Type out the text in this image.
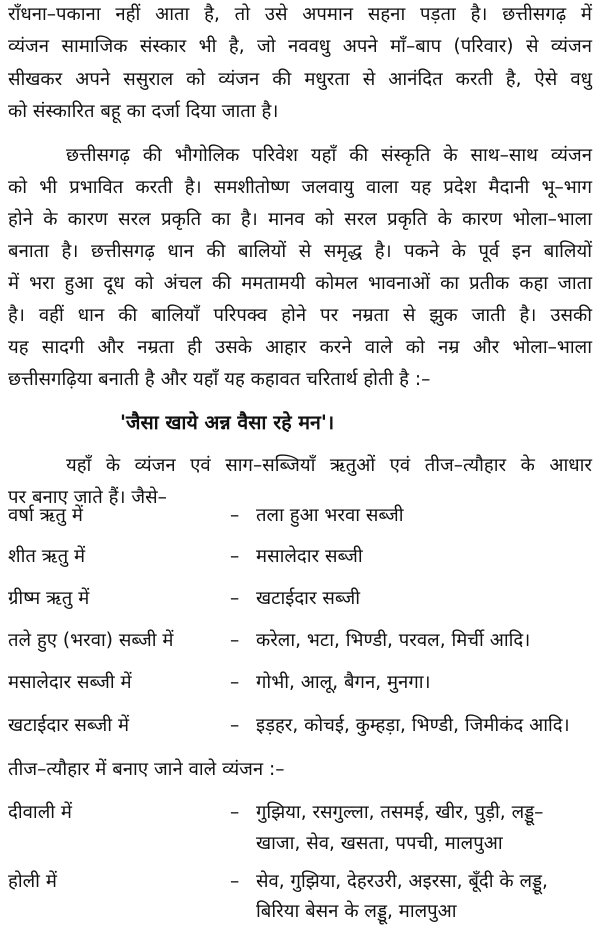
राँधना–पकाना नहीं आता है, तो उसे अपमान सहना पड़ता है। छत्तीसगढ़ में
व्यंजन सामाजिक संस्कार भी है, जो नववधु अपने माँ–बाप (परिवार) से व्यंजन
सीखकर अपने ससुराल को व्यंजन की मधुरता से आनंदित करती है, ऐसे वधु
को संस्कारित बहू का दर्जा दिया जाता है।
छत्तीसगढ़ की भौगोलिक परिवेश यहाँ की संस्कृति के साथ–साथ व्यंजन
को भी प्रभावित करती है। समशीतोष्ण जलवायु वाला यह प्रदेश मैदानी भू–भाग
होने के कारण सरल प्रकृति का है। मानव को सरल प्रकृति के कारण भोला–भाला
बनाता है। छत्तीसगढ़ धान की बालियों से समृद्ध है। पकने के पूर्व इन बालियों
में भरा हुआ दूध को अंचल की ममतामयी कोमल भावनाओं का प्रतीक कहा जाता
है। वहीं धान की बालियाँ परिपक्व होने पर नम्रता से झुक जाती है। उसकी
यह सादगी और नम्रता ही उसके आहार करने वाले को नम्र और भोला–भाला
छत्तीसगढ़िया बनाती है और यहाँ यह कहावत चरितार्थ होती है :–
'जैसा खाये अन्न वैसा रहे मन'।
यहाँ के व्यंजन एवं साग–सब्जियाँ ऋतुओं एवं तीज–त्यौहार के आधार
पर बनाए जाते हैं। जैसे–
वर्षा ऋतु में	– तला हुआ भरवा सब्जी
शीत ऋतु में	– मसालेदार सब्जी
ग्रीष्म ऋतु में	– खटाईदार सब्जी
तले हुए (भरवा) सब्जी में	– करेला, भटा, भिण्डी, परवल, मिर्ची आदि।
मसालेदार सब्जी में	– गोभी, आलू, बैगन, मुनगा।
खटाईदार सब्जी में	– इड़हर, कोचई, कुम्हड़ा, भिण्डी, जिमीकंद आदि।
तीज–त्यौहार में बनाए जाने वाले व्यंजन :–
दीवाली में	– गुझिया, रसगुल्ला, तसमई, खीर, पुड़ी, लड्डू–
खाजा, सेव, खसता, पपची, मालपुआ
होली में	– सेव, गुझिया, देहरउरी, अइरसा, बूँदी के लड्डू,
बिरिया बेसन के लड्डू, मालपुआ
